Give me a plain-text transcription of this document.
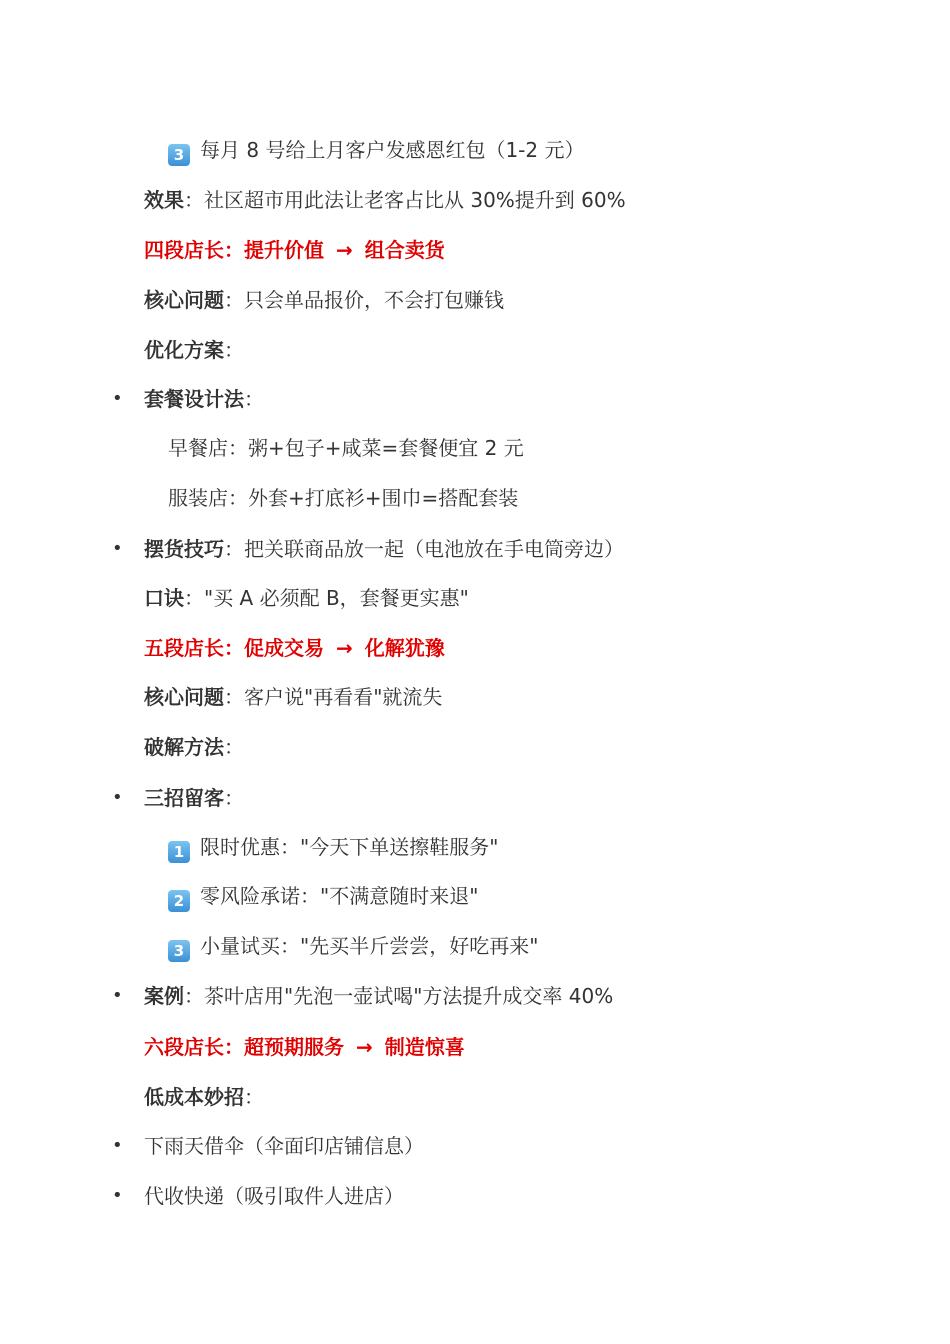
3 每月 8 号给上月客户发感恩红包（1-2 元）
效果：社区超市用此法让老客占比从 30%提升到 60%
四段店长：提升价值 → 组合卖货
核心问题：只会单品报价，不会打包赚钱
优化方案：
• 套餐设计法：
早餐店：粥+包子+咸菜=套餐便宜 2 元
服装店：外套+打底衫+围巾=搭配套装
• 摆货技巧：把关联商品放一起（电池放在手电筒旁边）
口诀："买 A 必须配 B，套餐更实惠"
五段店长：促成交易 → 化解犹豫
核心问题：客户说"再看看"就流失
破解方法：
• 三招留客：
1 限时优惠："今天下单送擦鞋服务"
2 零风险承诺："不满意随时来退"
3 小量试买："先买半斤尝尝，好吃再来"
• 案例：茶叶店用"先泡一壶试喝"方法提升成交率 40%
六段店长：超预期服务 → 制造惊喜
低成本妙招：
• 下雨天借伞（伞面印店铺信息）
• 代收快递（吸引取件人进店）
